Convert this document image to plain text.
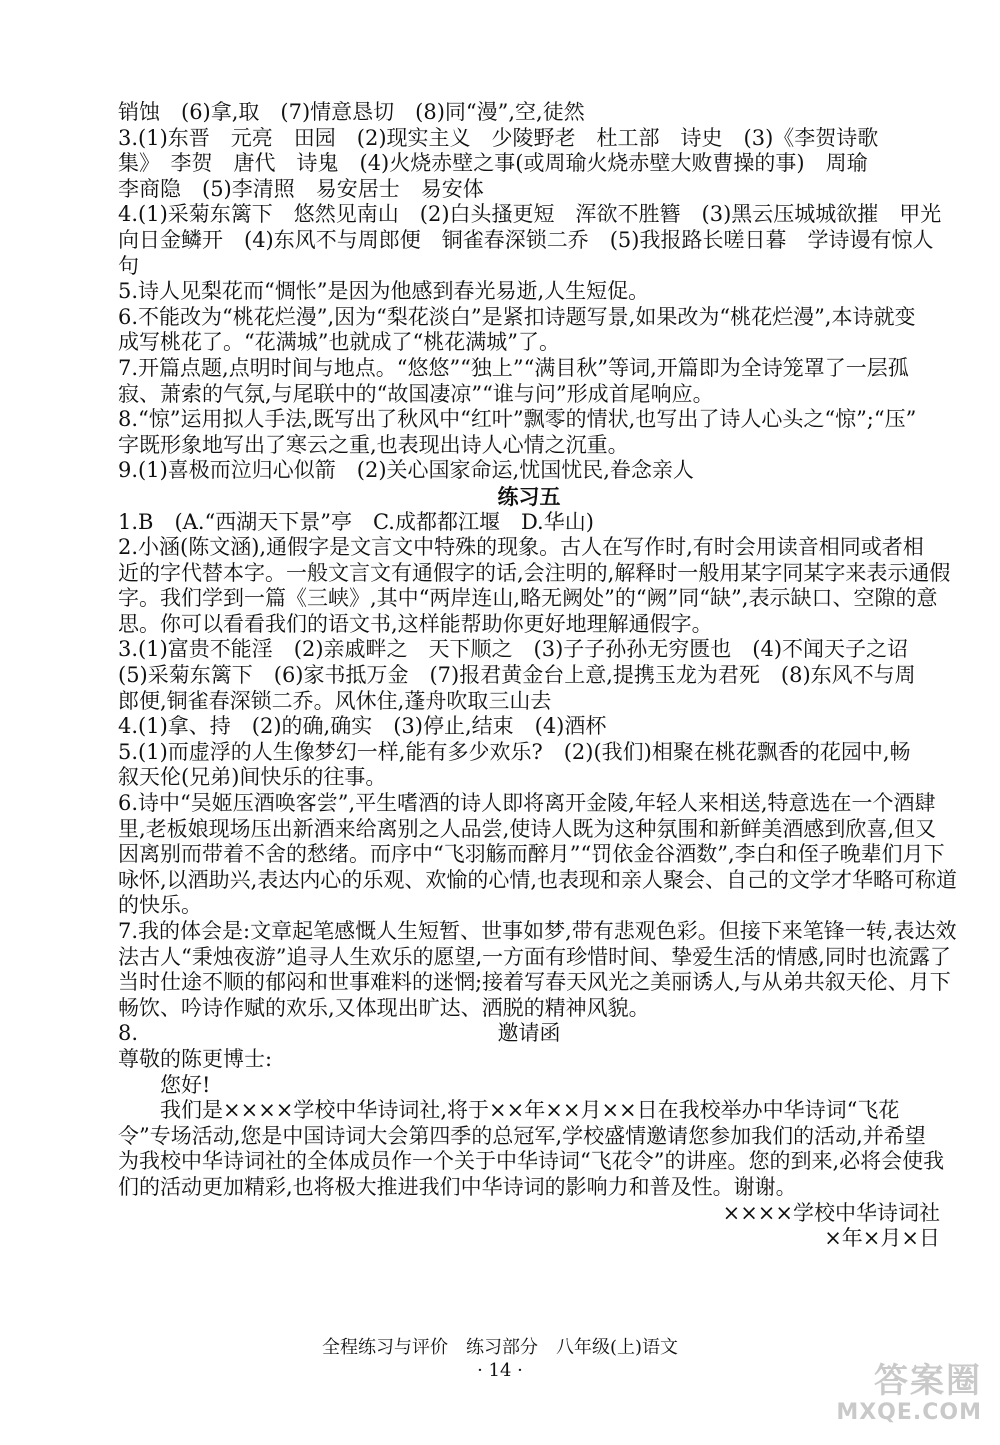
销蚀　(6)拿,取　(7)情意恳切　(8)同“漫”,空,徒然
3.(1)东晋　元亮　田园　(2)现实主义　少陵野老　杜工部　诗史　(3)《李贺诗歌
集》　李贺　唐代　诗鬼　(4)火烧赤壁之事(或周瑜火烧赤壁大败曹操的事)　周瑜
李商隐　(5)李清照　易安居士　易安体
4.(1)采菊东篱下　悠然见南山　(2)白头搔更短　浑欲不胜簪　(3)黑云压城城欲摧　甲光
向日金鳞开　(4)东风不与周郎便　铜雀春深锁二乔　(5)我报路长嗟日暮　学诗谩有惊人
句
5.诗人见梨花而“惆怅”是因为他感到春光易逝,人生短促。
6.不能改为“桃花烂漫”,因为“梨花淡白”是紧扣诗题写景,如果改为“桃花烂漫”,本诗就变
成写桃花了。“花满城”也就成了“桃花满城”了。
7.开篇点题,点明时间与地点。“悠悠”“独上”“满目秋”等词,开篇即为全诗笼罩了一层孤
寂、萧索的气氛,与尾联中的“故国凄凉”“谁与问”形成首尾响应。
8.“惊”运用拟人手法,既写出了秋风中“红叶”飘零的情状,也写出了诗人心头之“惊”;“压”
字既形象地写出了寒云之重,也表现出诗人心情之沉重。
9.(1)喜极而泣归心似箭　(2)关心国家命运,忧国忧民,眷念亲人
练习五
1.B　(A.“西湖天下景”亭　C.成都都江堰　D.华山)
2.小涵(陈文涵),通假字是文言文中特殊的现象。古人在写作时,有时会用读音相同或者相
近的字代替本字。一般文言文有通假字的话,会注明的,解释时一般用某字同某字来表示通假
字。我们学到一篇《三峡》,其中“两岸连山,略无阙处”的“阙”同“缺”,表示缺口、空隙的意
思。你可以看看我们的语文书,这样能帮助你更好地理解通假字。
3.(1)富贵不能淫　(2)亲戚畔之　天下顺之　(3)子子孙孙无穷匮也　(4)不闻天子之诏
(5)采菊东篱下　(6)家书抵万金　(7)报君黄金台上意,提携玉龙为君死　(8)东风不与周
郎便,铜雀春深锁二乔。风休住,蓬舟吹取三山去
4.(1)拿、持　(2)的确,确实　(3)停止,结束　(4)酒杯
5.(1)而虚浮的人生像梦幻一样,能有多少欢乐?　(2)(我们)相聚在桃花飘香的花园中,畅
叙天伦(兄弟)间快乐的往事。
6.诗中“吴姬压酒唤客尝”,平生嗜酒的诗人即将离开金陵,年轻人来相送,特意选在一个酒肆
里,老板娘现场压出新酒来给离别之人品尝,使诗人既为这种氛围和新鲜美酒感到欣喜,但又
因离别而带着不舍的愁绪。而序中“飞羽觞而醉月”“罚依金谷酒数”,李白和侄子晚辈们月下
咏怀,以酒助兴,表达内心的乐观、欢愉的心情,也表现和亲人聚会、自己的文学才华略可称道
的快乐。
7.我的体会是:文章起笔感慨人生短暂、世事如梦,带有悲观色彩。但接下来笔锋一转,表达效
法古人“秉烛夜游”追寻人生欢乐的愿望,一方面有珍惜时间、挚爱生活的情感,同时也流露了
当时仕途不顺的郁闷和世事难料的迷惘;接着写春天风光之美丽诱人,与从弟共叙天伦、月下
畅饮、吟诗作赋的欢乐,又体现出旷达、洒脱的精神风貌。
8.	邀请函
尊敬的陈更博士:
您好!
我们是××××学校中华诗词社,将于××年××月××日在我校举办中华诗词“飞花
令”专场活动,您是中国诗词大会第四季的总冠军,学校盛情邀请您参加我们的活动,并希望
为我校中华诗词社的全体成员作一个关于中华诗词“飞花令”的讲座。您的到来,必将会使我
们的活动更加精彩,也将极大推进我们中华诗词的影响力和普及性。谢谢。
××××学校中华诗词社
×年×月×日
全程练习与评价　练习部分　八年级(上)语文
· 14 ·	答案圈
MXQE.COM
